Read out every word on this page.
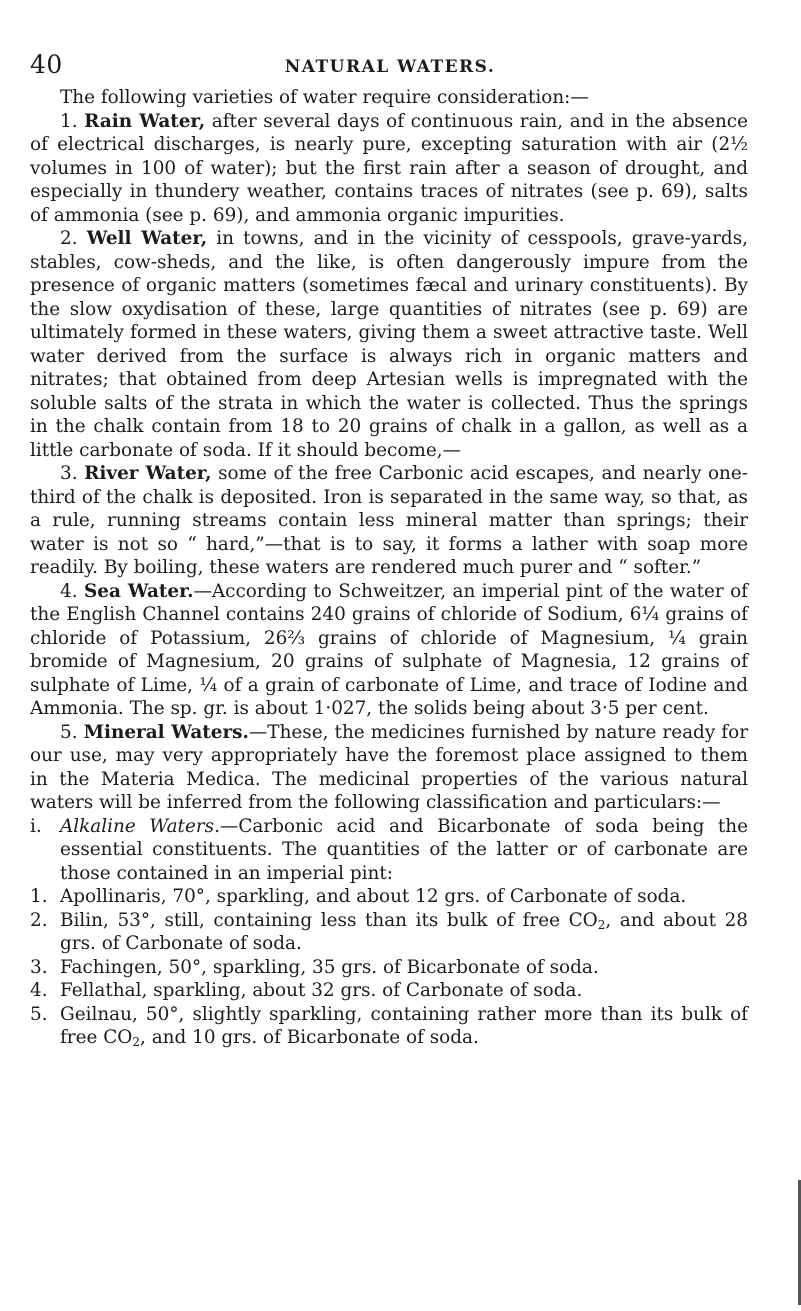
40	NATURAL WATERS.

The following varieties of water require consideration:—

1. Rain Water, after several days of continuous rain, and in the absence of electrical discharges, is nearly pure, excepting saturation with air (2½ volumes in 100 of water); but the first rain after a season of drought, and especially in thundery weather, contains traces of nitrates (see p. 69), salts of ammonia (see p. 69), and ammonia organic impurities.

2. Well Water, in towns, and in the vicinity of cesspools, grave-yards, stables, cow-sheds, and the like, is often dangerously impure from the presence of organic matters (sometimes fæcal and urinary constituents). By the slow oxydisation of these, large quantities of nitrates (see p. 69) are ultimately formed in these waters, giving them a sweet attractive taste. Well water derived from the surface is always rich in organic matters and nitrates; that obtained from deep Artesian wells is impregnated with the soluble salts of the strata in which the water is collected. Thus the springs in the chalk contain from 18 to 20 grains of chalk in a gallon, as well as a little carbonate of soda. If it should become,—

3. River Water, some of the free Carbonic acid escapes, and nearly one-third of the chalk is deposited. Iron is separated in the same way, so that, as a rule, running streams contain less mineral matter than springs; their water is not so “ hard,”—that is to say, it forms a lather with soap more readily. By boiling, these waters are rendered much purer and “ softer.”

4. Sea Water.—According to Schweitzer, an imperial pint of the water of the English Channel contains 240 grains of chloride of Sodium, 6¼ grains of chloride of Potassium, 26⅔ grains of chloride of Magnesium, ¼ grain bromide of Magnesium, 20 grains of sulphate of Magnesia, 12 grains of sulphate of Lime, ¼ of a grain of carbonate of Lime, and trace of Iodine and Ammonia. The sp. gr. is about 1·027, the solids being about 3·5 per cent.

5. Mineral Waters.—These, the medicines furnished by nature ready for our use, may very appropriately have the foremost place assigned to them in the Materia Medica. The medicinal properties of the various natural waters will be inferred from the following classification and particulars:—

i. Alkaline Waters.—Carbonic acid and Bicarbonate of soda being the essential constituents. The quantities of the latter or of carbonate are those contained in an imperial pint:
1. Apollinaris, 70°, sparkling, and about 12 grs. of Carbonate of soda.
2. Bilin, 53°, still, containing less than its bulk of free $CO_2$, and about 28 grs. of Carbonate of soda.
3. Fachingen, 50°, sparkling, 35 grs. of Bicarbonate of soda.
4. Fellathal, sparkling, about 32 grs. of Carbonate of soda.
5. Geilnau, 50°, slightly sparkling, containing rather more than its bulk of free $CO_2$, and 10 grs. of Bicarbonate of soda.
